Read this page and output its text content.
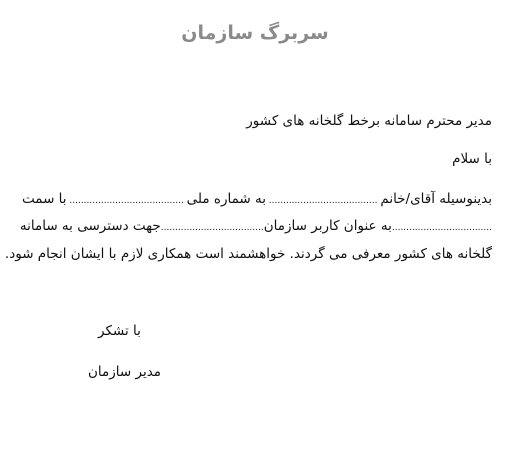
سربرگ سازمان
مدیر محترم سامانه برخط گلخانه های کشور
با سلام
بدینوسیله آقای/خانم
......................................
به شماره ملی
........................................
با سمت
...................................
به عنوان کاربر سازمان
....................................
جهت دسترسی به سامانه
گلخانه های کشور معرفی می گردند. خواهشمند است همکاری لازم با ایشان انجام شود.
با تشکر
مدیر سازمان
